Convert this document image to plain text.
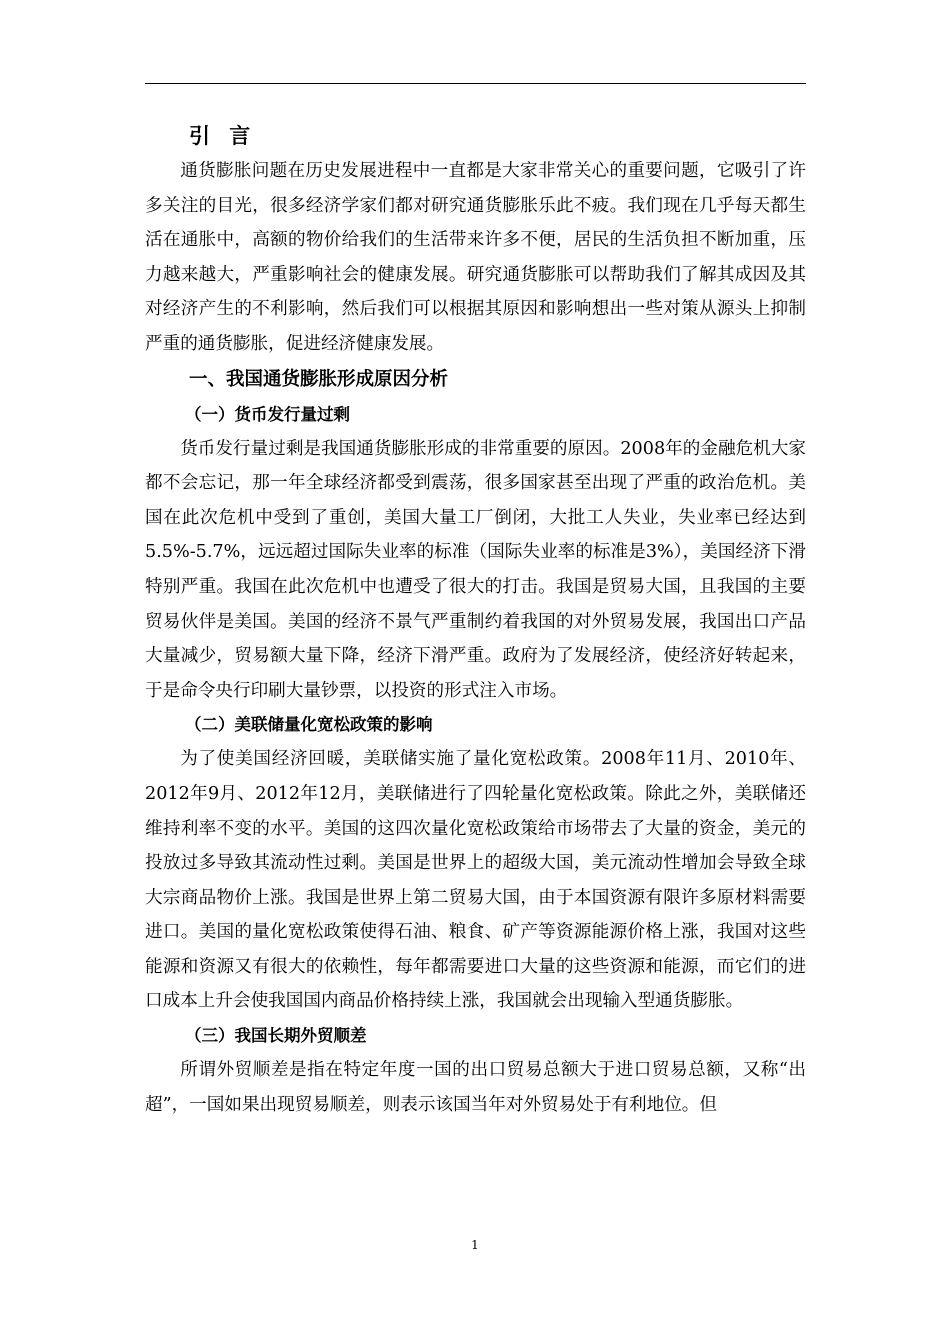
引 言

通货膨胀问题在历史发展进程中一直都是大家非常关心的重要问题，它吸引了许多关注的目光，很多经济学家们都对研究通货膨胀乐此不疲。我们现在几乎每天都生活在通胀中，高额的物价给我们的生活带来许多不便，居民的生活负担不断加重，压力越来越大，严重影响社会的健康发展。研究通货膨胀可以帮助我们了解其成因及其对经济产生的不利影响，然后我们可以根据其原因和影响想出一些对策从源头上抑制严重的通货膨胀，促进经济健康发展。

一、我国通货膨胀形成原因分析
（一）货币发行量过剩

货币发行量过剩是我国通货膨胀形成的非常重要的原因。2008年的金融危机大家都不会忘记，那一年全球经济都受到震荡，很多国家甚至出现了严重的政治危机。美国在此次危机中受到了重创，美国大量工厂倒闭，大批工人失业，失业率已经达到5.5%-5.7%，远远超过国际失业率的标准（国际失业率的标准是3%），美国经济下滑特别严重。我国在此次危机中也遭受了很大的打击。我国是贸易大国，且我国的主要贸易伙伴是美国。美国的经济不景气严重制约着我国的对外贸易发展，我国出口产品大量减少，贸易额大量下降，经济下滑严重。政府为了发展经济，使经济好转起来，于是命令央行印刷大量钞票，以投资的形式注入市场。

（二）美联储量化宽松政策的影响

为了使美国经济回暖，美联储实施了量化宽松政策。2008年11月、2010年、2012年9月、2012年12月，美联储进行了四轮量化宽松政策。除此之外，美联储还维持利率不变的水平。美国的这四次量化宽松政策给市场带去了大量的资金，美元的投放过多导致其流动性过剩。美国是世界上的超级大国，美元流动性增加会导致全球大宗商品物价上涨。我国是世界上第二贸易大国，由于本国资源有限许多原材料需要进口。美国的量化宽松政策使得石油、粮食、矿产等资源能源价格上涨，我国对这些能源和资源又有很大的依赖性，每年都需要进口大量的这些资源和能源，而它们的进口成本上升会使我国国内商品价格持续上涨，我国就会出现输入型通货膨胀。

（三）我国长期外贸顺差

所谓外贸顺差是指在特定年度一国的出口贸易总额大于进口贸易总额，又称“出超”，一国如果出现贸易顺差，则表示该国当年对外贸易处于有利地位。但

1
